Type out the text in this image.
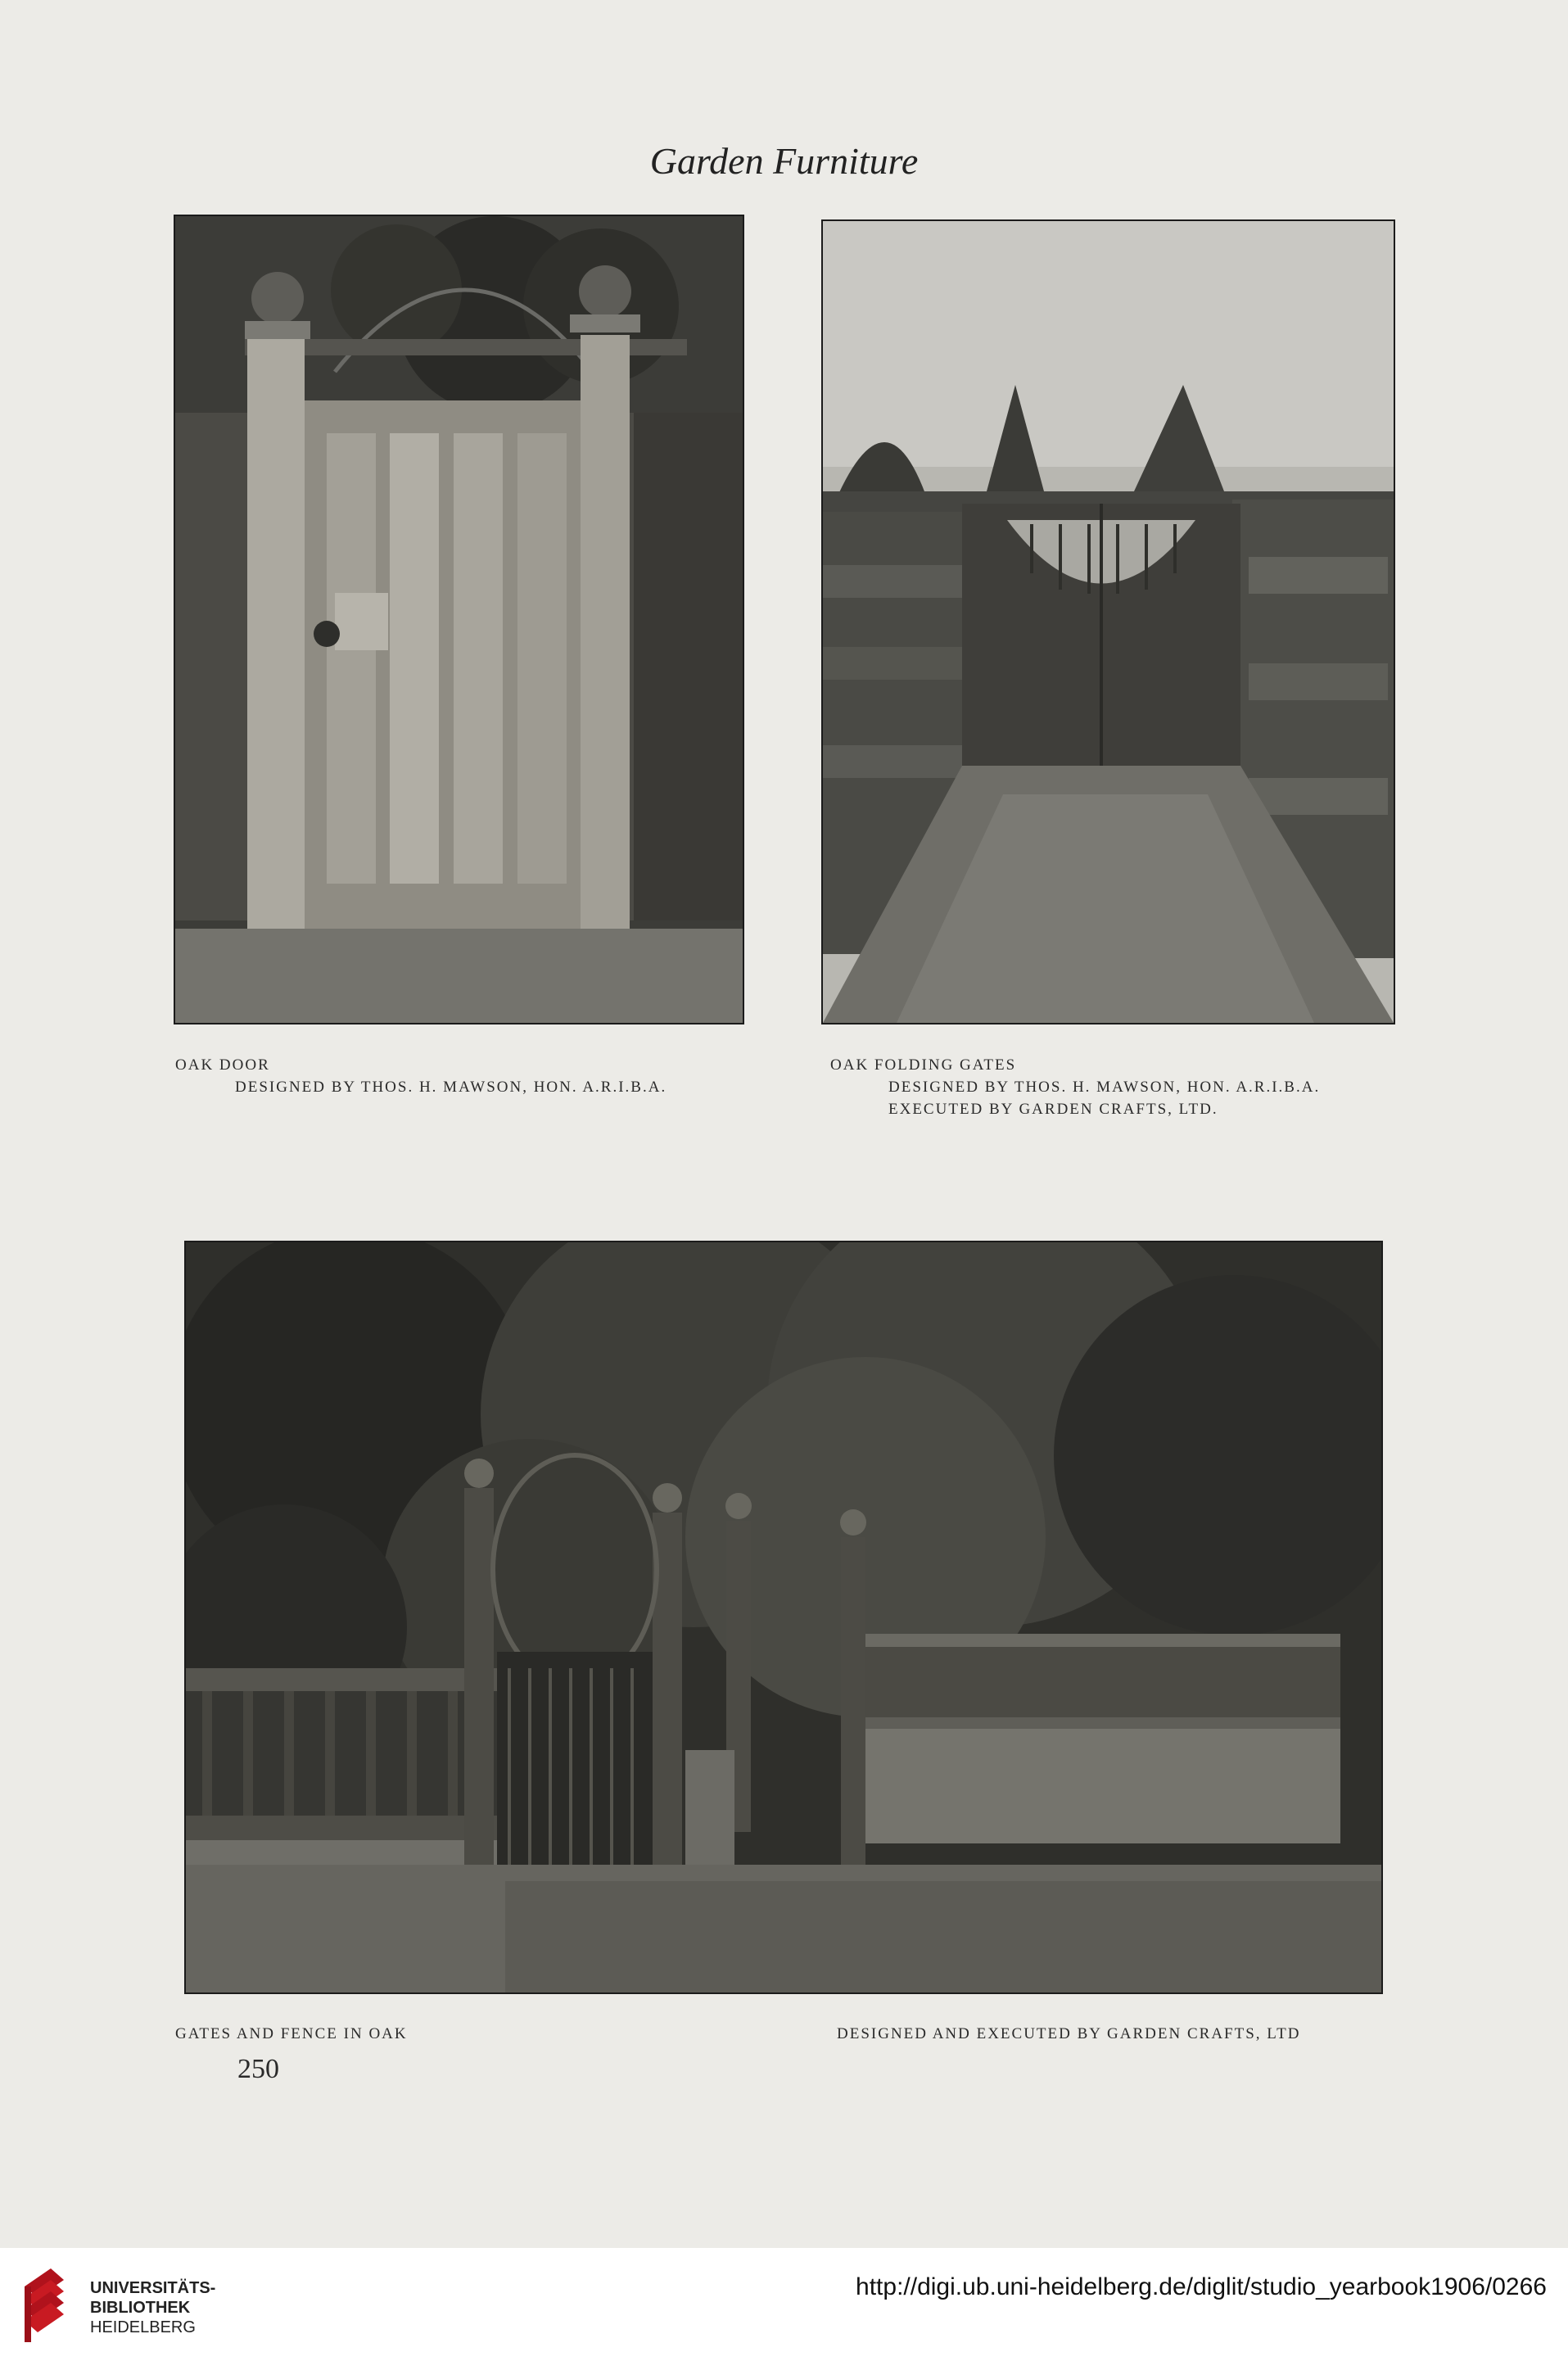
Garden Furniture
OAK DOOR
DESIGNED BY THOS. H. MAWSON, HON. A.R.I.B.A.
OAK FOLDING GATES
DESIGNED BY THOS. H. MAWSON, HON. A.R.I.B.A.
EXECUTED BY GARDEN CRAFTS, LTD.
GATES AND FENCE IN OAK	DESIGNED AND EXECUTED BY GARDEN CRAFTS, LTD
250
UNIVERSITÄTS-
BIBLIOTHEK
HEIDELBERG
http://digi.ub.uni-heidelberg.de/diglit/studio_yearbook1906/0266
